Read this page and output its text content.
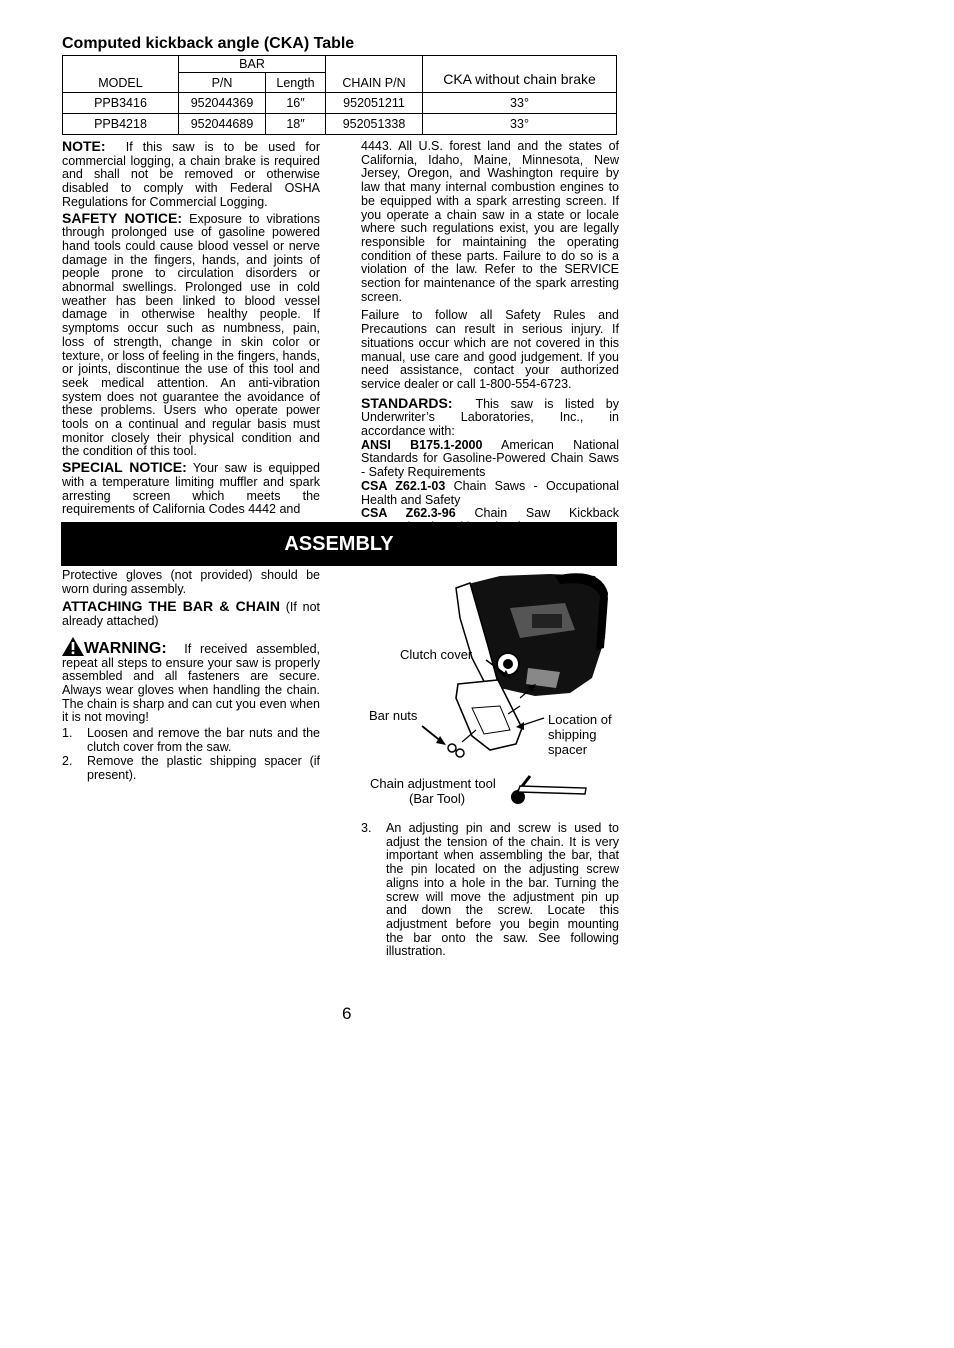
Computed kickback angle (CKA) Table
MODEL	BAR		CHAIN P/N	CKA without chain brake
	P/N	Length		
PPB3416	952044369	16″	952051211	33°
PPB4218	952044689	18″	952051338	33°

NOTE: If this saw is to be used for commercial logging, a chain brake is required and shall not be removed or otherwise disabled to comply with Federal OSHA Regulations for Commercial Logging.

SAFETY NOTICE: Exposure to vibrations through prolonged use of gasoline powered hand tools could cause blood vessel or nerve damage in the fingers, hands, and joints of people prone to circulation disorders or abnormal swellings. Prolonged use in cold weather has been linked to blood vessel damage in otherwise healthy people. If symptoms occur such as numbness, pain, loss of strength, change in skin color or texture, or loss of feeling in the fingers, hands, or joints, discontinue the use of this tool and seek medical attention. An anti-vibration system does not guarantee the avoidance of these problems. Users who operate power tools on a continual and regular basis must monitor closely their physical condition and the condition of this tool.

SPECIAL NOTICE: Your saw is equipped with a temperature limiting muffler and spark arresting screen which meets the requirements of California Codes 4442 and

4443. All U.S. forest land and the states of California, Idaho, Maine, Minnesota, New Jersey, Oregon, and Washington require by law that many internal combustion engines to be equipped with a spark arresting screen. If you operate a chain saw in a state or locale where such regulations exist, you are legally responsible for maintaining the operating condition of these parts. Failure to do so is a violation of the law. Refer to the SERVICE section for maintenance of the spark arresting screen.

Failure to follow all Safety Rules and Precautions can result in serious injury. If situations occur which are not covered in this manual, use care and good judgement. If you need assistance, contact your authorized service dealer or call 1-800-554-6723.

STANDARDS: This saw is listed by Underwriter’s Laboratories, Inc., in accordance with:

ANSI B175.1-2000 American National Standards for Gasoline-Powered Chain Saws - Safety Requirements

CSA Z62.1-03 Chain Saws - Occupational Health and Safety

CSA Z62.3-96 Chain Saw Kickback

ASSEMBLY

Protective gloves (not provided) should be worn during assembly.

ATTACHING THE BAR & CHAIN (If not already attached)

WARNING: If received assembled, repeat all steps to ensure your saw is properly assembled and all fasteners are secure. Always wear gloves when handling the chain. The chain is sharp and can cut you even when it is not moving!

1. Loosen and remove the bar nuts and the clutch cover from the saw.
2. Remove the plastic shipping spacer (if present).
Clutch cover
Bar nuts	Location of
shipping
spacer
Chain adjustment tool
(Bar Tool)
3. An adjusting pin and screw is used to adjust the tension of the chain. It is very important when assembling the bar, that the pin located on the adjusting screw aligns into a hole in the bar. Turning the screw will move the adjustment pin up and down the screw. Locate this adjustment before you begin mounting the bar onto the saw. See following illustration.
6
